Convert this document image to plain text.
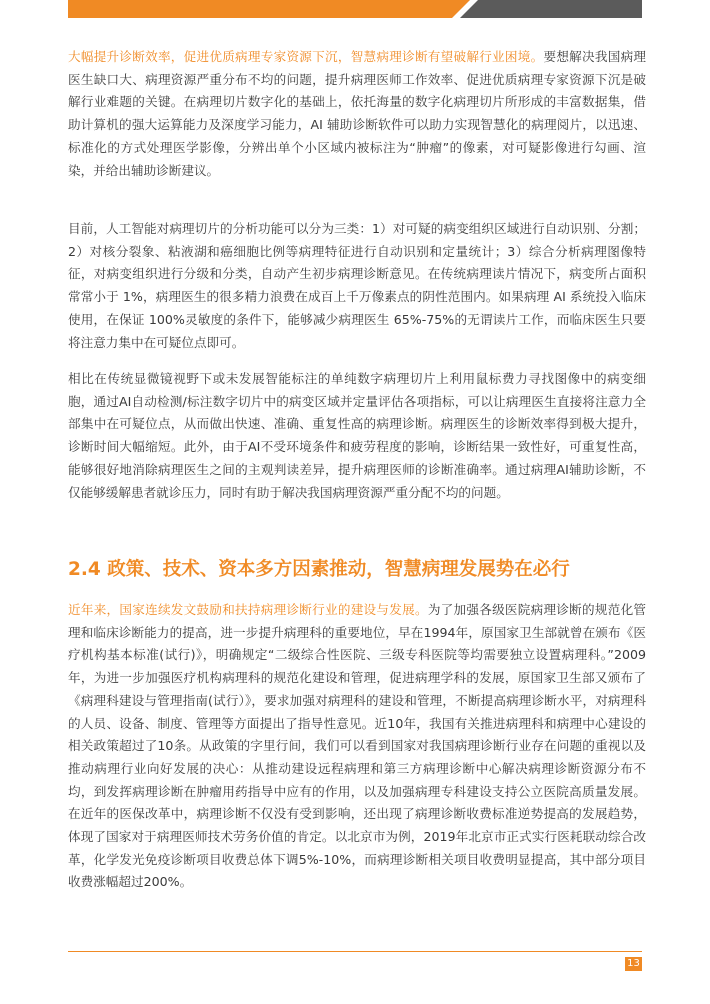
大幅提升诊断效率，促进优质病理专家资源下沉，智慧病理诊断有望破解行业困境。要想解决我国病理医生缺口大、病理资源严重分布不均的问题，提升病理医师工作效率、促进优质病理专家资源下沉是破解行业难题的关键。在病理切片数字化的基础上，依托海量的数字化病理切片所形成的丰富数据集，借助计算机的强大运算能力及深度学习能力，AI 辅助诊断软件可以助力实现智慧化的病理阅片，以迅速、标准化的方式处理医学影像，分辨出单个小区域内被标注为“肿瘤”的像素，对可疑影像进行勾画、渲染，并给出辅助诊断建议。

目前，人工智能对病理切片的分析功能可以分为三类：1）对可疑的病变组织区域进行自动识别、分割；2）对核分裂象、粘液湖和癌细胞比例等病理特征进行自动识别和定量统计；3）综合分析病理图像特征，对病变组织进行分级和分类，自动产生初步病理诊断意见。在传统病理读片情况下，病变所占面积常常小于 1%，病理医生的很多精力浪费在成百上千万像素点的阴性范围内。如果病理 AI 系统投入临床使用，在保证 100%灵敏度的条件下，能够减少病理医生 65%-75%的无谓读片工作，而临床医生只要将注意力集中在可疑位点即可。

相比在传统显微镜视野下或未发展智能标注的单纯数字病理切片上利用鼠标费力寻找图像中的病变细胞，通过AI自动检测/标注数字切片中的病变区域并定量评估各项指标，可以让病理医生直接将注意力全部集中在可疑位点，从而做出快速、准确、重复性高的病理诊断。病理医生的诊断效率得到极大提升，诊断时间大幅缩短。此外，由于AI不受环境条件和疲劳程度的影响，诊断结果一致性好，可重复性高，能够很好地消除病理医生之间的主观判读差异，提升病理医师的诊断准确率。通过病理AI辅助诊断，不仅能够缓解患者就诊压力，同时有助于解决我国病理资源严重分配不均的问题。

2.4 政策、技术、资本多方因素推动，智慧病理发展势在必行

近年来，国家连续发文鼓励和扶持病理诊断行业的建设与发展。为了加强各级医院病理诊断的规范化管理和临床诊断能力的提高，进一步提升病理科的重要地位，早在1994年，原国家卫生部就曾在颁布《医疗机构基本标准(试行)》，明确规定“二级综合性医院、三级专科医院等均需要独立设置病理科。”2009年，为进一步加强医疗机构病理科的规范化建设和管理，促进病理学科的发展，原国家卫生部又颁布了《病理科建设与管理指南(试行）》，要求加强对病理科的建设和管理，不断提高病理诊断水平，对病理科的人员、设备、制度、管理等方面提出了指导性意见。近10年，我国有关推进病理科和病理中心建设的相关政策超过了10条。从政策的字里行间，我们可以看到国家对我国病理诊断行业存在问题的重视以及推动病理行业向好发展的决心：从推动建设远程病理和第三方病理诊断中心解决病理诊断资源分布不均，到发挥病理诊断在肿瘤用药指导中应有的作用，以及加强病理专科建设支持公立医院高质量发展。在近年的医保改革中，病理诊断不仅没有受到影响，还出现了病理诊断收费标准逆势提高的发展趋势，体现了国家对于病理医师技术劳务价值的肯定。以北京市为例，2019年北京市正式实行医耗联动综合改革，化学发光免疫诊断项目收费总体下调5%-10%，而病理诊断相关项目收费明显提高，其中部分项目收费涨幅超过200%。

13
